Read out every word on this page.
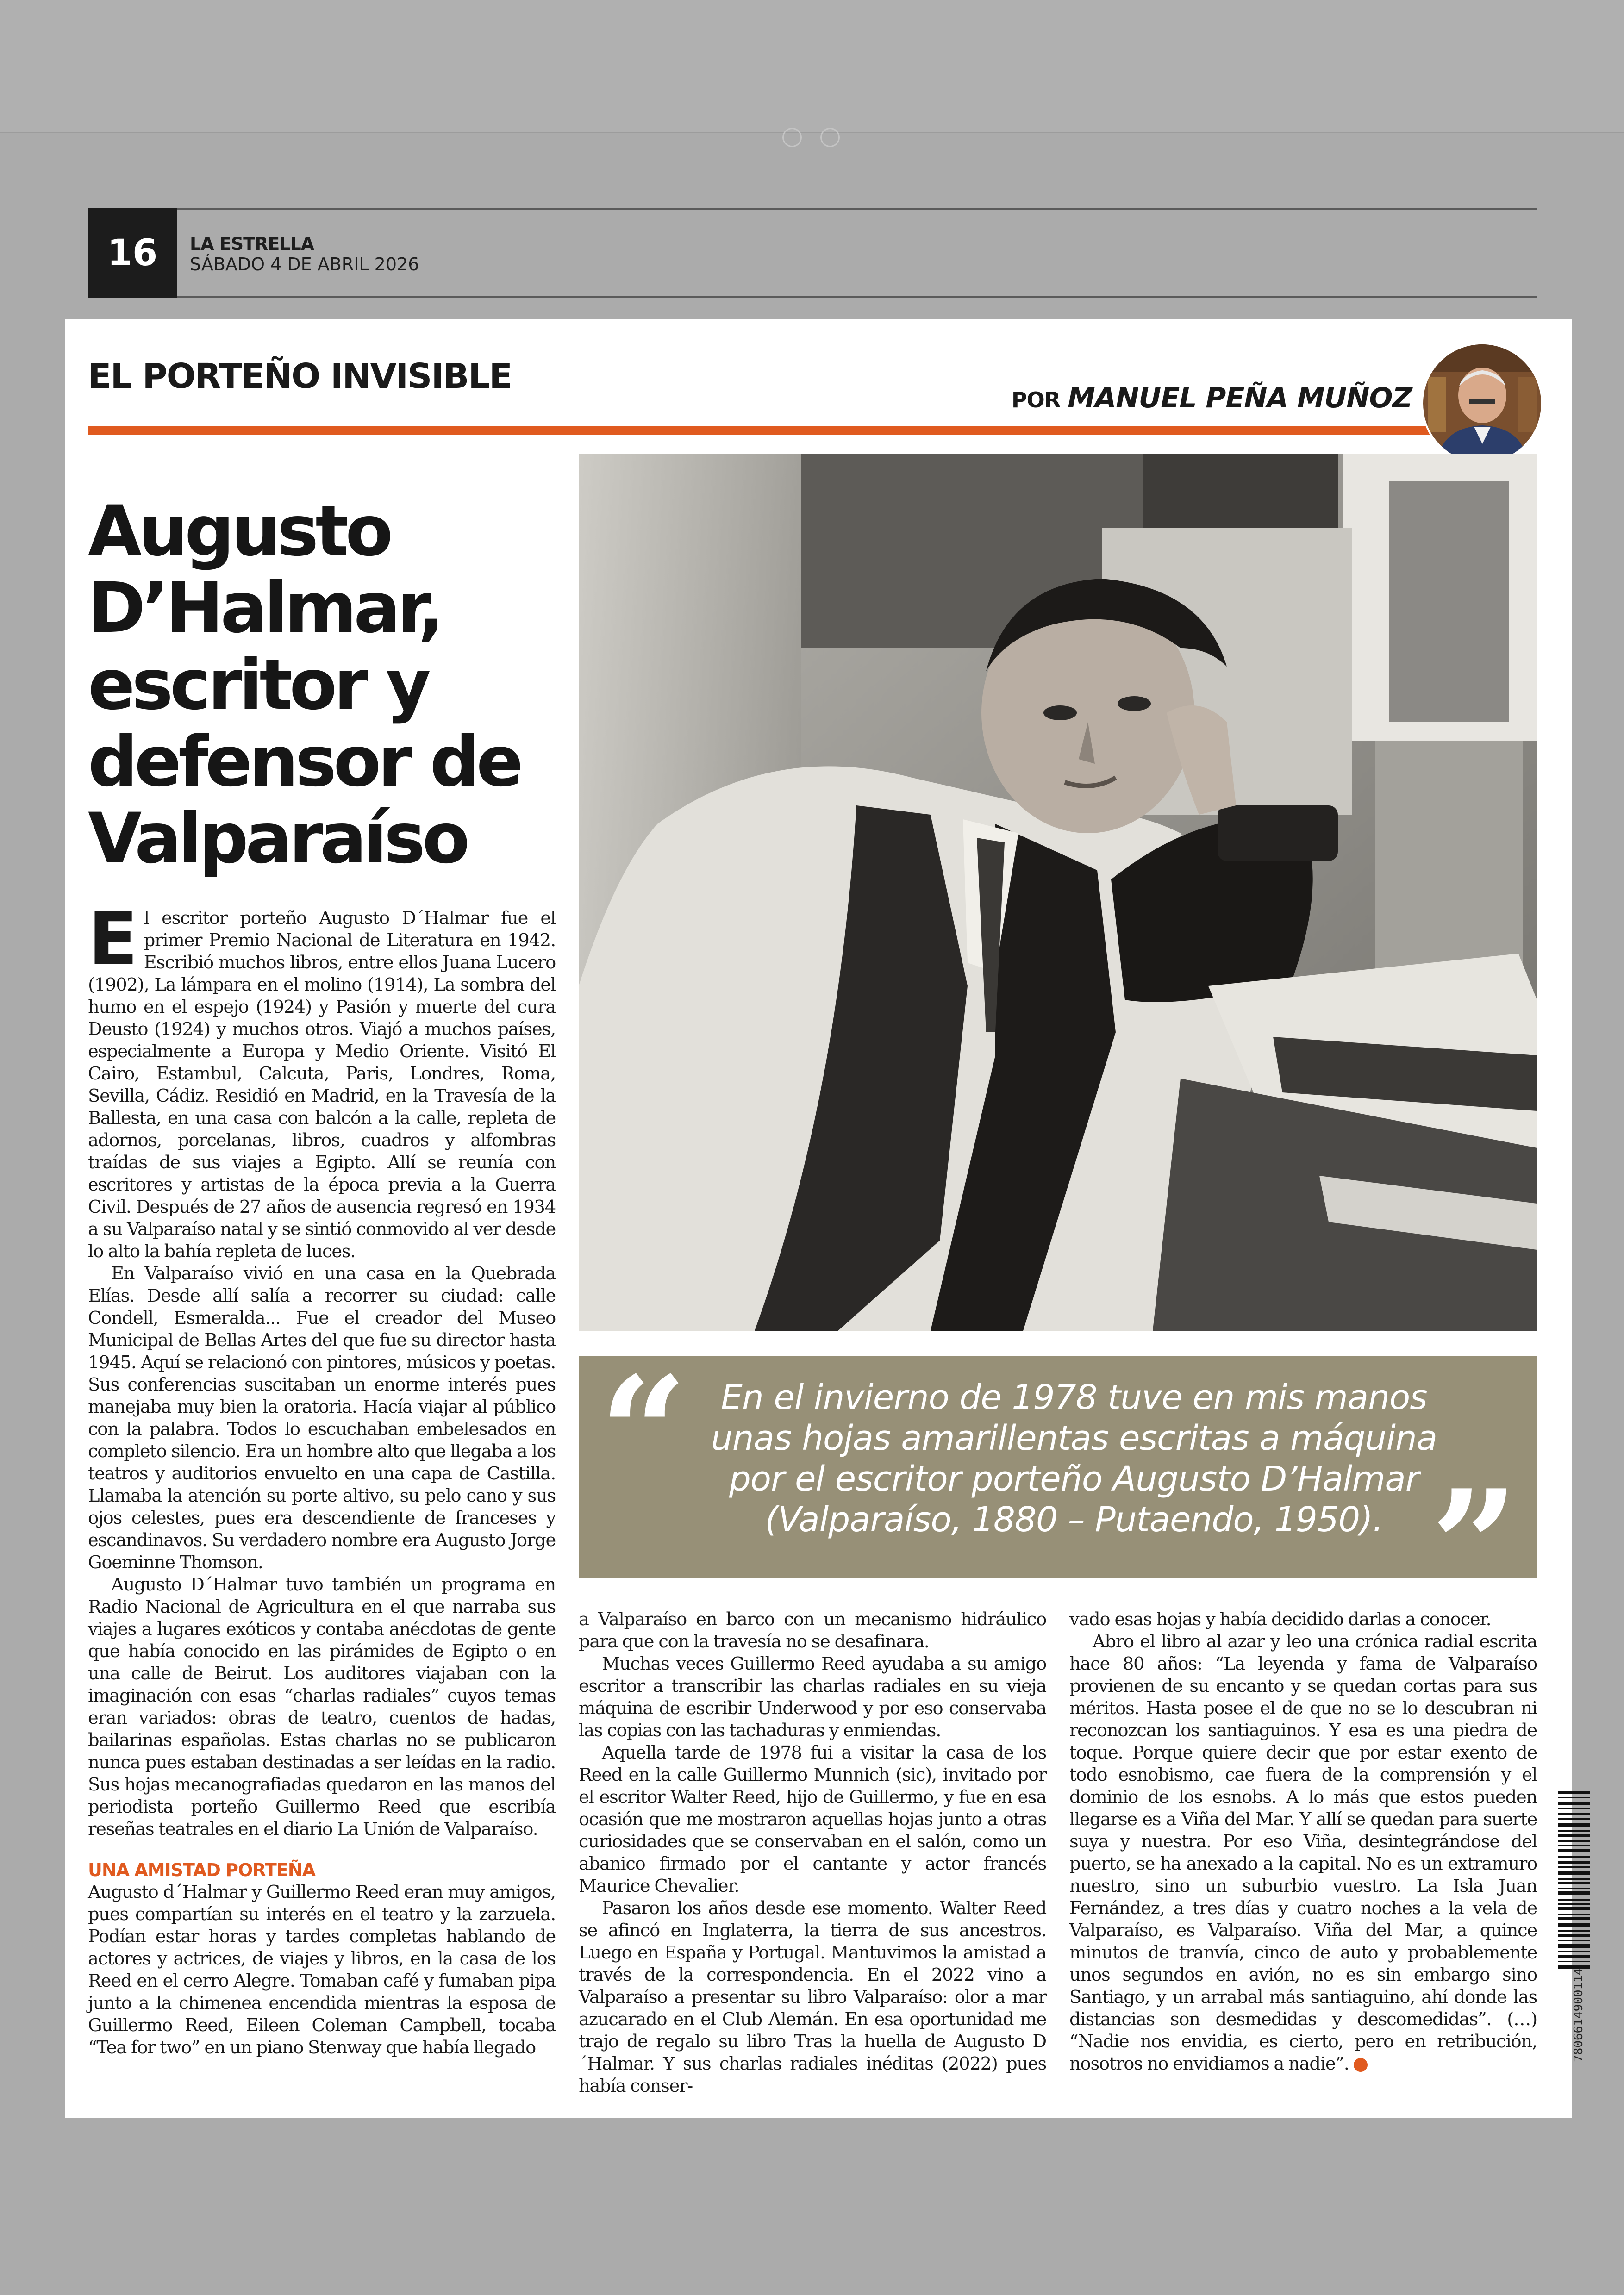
16	LA ESTRELLA
SÁBADO 4 DE ABRIL 2026
EL PORTEÑO INVISIBLE
POR MANUEL PEÑA MUÑOZ
Augusto
D’Halmar,
escritor y
defensor de
Valparaíso
“ En el invierno de 1978 tuve en mis manos unas hojas amarillentas escritas a máquina por el escritor porteño Augusto D’Halmar (Valparaíso, 1880 – Putaendo, 1950). ”

El escritor porteño Augusto D´Halmar fue el primer Premio Nacional de Literatura en 1942. Escribió muchos libros, entre ellos Juana Lucero (1902), La lámpara en el molino (1914), La sombra del humo en el espejo (1924) y Pasión y muerte del cura Deusto (1924) y muchos otros. Viajó a muchos países, especialmente a Europa y Medio Oriente. Visitó El Cairo, Estambul, Calcuta, Paris, Londres, Roma, Sevilla, Cádiz. Residió en Madrid, en la Travesía de la Ballesta, en una casa con balcón a la calle, repleta de adornos, porcelanas, libros, cuadros y alfombras traídas de sus viajes a Egipto. Allí se reunía con escritores y artistas de la época previa a la Guerra Civil. Después de 27 años de ausencia regresó en 1934 a su Valparaíso natal y se sintió conmovido al ver desde lo alto la bahía repleta de luces.

En Valparaíso vivió en una casa en la Quebrada Elías. Desde allí salía a recorrer su ciudad: calle Condell, Esmeralda... Fue el creador del Museo Municipal de Bellas Artes del que fue su director hasta 1945. Aquí se relacionó con pintores, músicos y poetas. Sus conferencias suscitaban un enorme interés pues manejaba muy bien la oratoria. Hacía viajar al público con la palabra. Todos lo escuchaban embelesados en completo silencio. Era un hombre alto que llegaba a los teatros y auditorios envuelto en una capa de Castilla. Llamaba la atención su porte altivo, su pelo cano y sus ojos celestes, pues era descendiente de franceses y escandinavos. Su verdadero nombre era Augusto Jorge Goeminne Thomson.

Augusto D´Halmar tuvo también un programa en Radio Nacional de Agricultura en el que narraba sus viajes a lugares exóticos y contaba anécdotas de gente que había conocido en las pirámides de Egipto o en una calle de Beirut. Los auditores viajaban con la imaginación con esas “charlas radiales” cuyos temas eran variados: obras de teatro, cuentos de hadas, bailarinas españolas. Estas charlas no se publicaron nunca pues estaban destinadas a ser leídas en la radio. Sus hojas mecanografiadas quedaron en las manos del periodista porteño Guillermo Reed que escribía reseñas teatrales en el diario La Unión de Valparaíso.

UNA AMISTAD PORTEÑA

Augusto d´Halmar y Guillermo Reed eran muy amigos, pues compartían su interés en el teatro y la zarzuela. Podían estar horas y tardes completas hablando de actores y actrices, de viajes y libros, en la casa de los Reed en el cerro Alegre. Tomaban café y fumaban pipa junto a la chimenea encendida mientras la esposa de Guillermo Reed, Eileen Coleman Campbell, tocaba “Tea for two” en un piano Stenway que había llegado

a Valparaíso en barco con un mecanismo hidráulico para que con la travesía no se desafinara.

Muchas veces Guillermo Reed ayudaba a su amigo escritor a transcribir las charlas radiales en su vieja máquina de escribir Underwood y por eso conservaba las copias con las tachaduras y enmiendas.

Aquella tarde de 1978 fui a visitar la casa de los Reed en la calle Guillermo Munnich (sic), invitado por el escritor Walter Reed, hijo de Guillermo, y fue en esa ocasión que me mostraron aquellas hojas junto a otras curiosidades que se conservaban en el salón, como un abanico firmado por el cantante y actor francés Maurice Chevalier.

Pasaron los años desde ese momento. Walter Reed se afincó en Inglaterra, la tierra de sus ancestros. Luego en España y Portugal. Mantuvimos la amistad a través de la correspondencia. En el 2022 vino a Valparaíso a presentar su libro Valparaíso: olor a mar azucarado en el Club Alemán. En esa oportunidad me trajo de regalo su libro Tras la huella de Augusto D´Halmar. Y sus charlas radiales inéditas (2022) pues había conser-

vado esas hojas y había decidido darlas a conocer.

Abro el libro al azar y leo una crónica radial escrita hace 80 años: “La leyenda y fama de Valparaíso provienen de su encanto y se quedan cortas para sus méritos. Hasta posee el de que no se lo descubran ni reconozcan los santiaguinos. Y esa es una piedra de toque. Porque quiere decir que por estar exento de todo esnobismo, cae fuera de la comprensión y el dominio de los esnobs. A lo más que estos pueden llegarse es a Viña del Mar. Y allí se quedan para suerte suya y nuestra. Por eso Viña, desintegrándose del puerto, se ha anexado a la capital. No es un extramuro nuestro, sino un suburbio vuestro. La Isla Juan Fernández, a tres días y cuatro noches a la vela de Valparaíso, es Valparaíso. Viña del Mar, a quince minutos de tranvía, cinco de auto y probablemente unos segundos en avión, no es sin embargo sino Santiago, y un arrabal más santiaguino, ahí donde las distancias son desmedidas y descomedidas”. (…) “Nadie nos envidia, es cierto, pero en retribución, nosotros no envidiamos a nadie”.	✪

7806614900114
